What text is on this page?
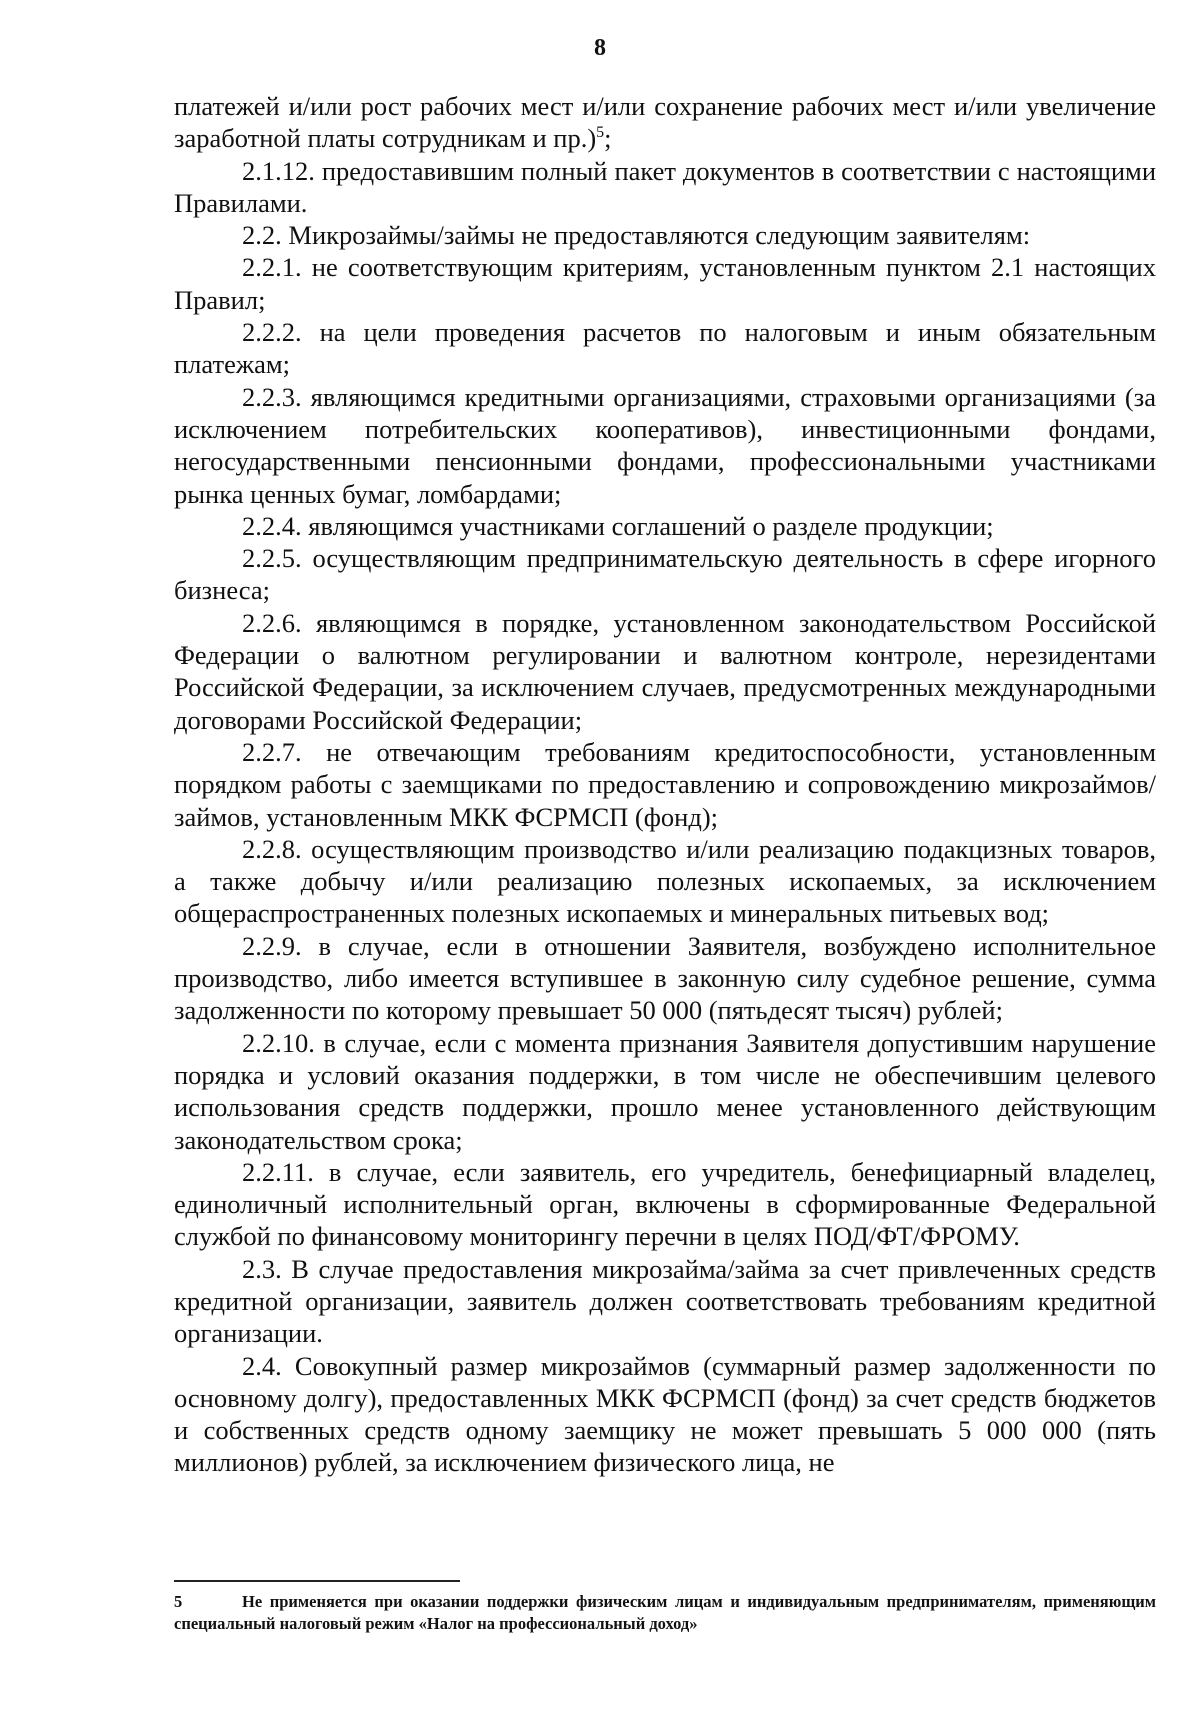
8

платежей и/или рост рабочих мест и/или сохранение рабочих мест и/или увеличение заработной платы сотрудникам и пр.)$^5$;

2.1.12. предоставившим полный пакет документов в соответствии с настоящими Правилами.

2.2. Микрозаймы/займы не предоставляются следующим заявителям:

2.2.1. не соответствующим критериям, установленным пунктом 2.1 настоящих Правил;

2.2.2. на цели проведения расчетов по налоговым и иным обязательным платежам;

2.2.3. являющимся кредитными организациями, страховыми организациями (за исключением потребительских кооперативов), инвестиционными фондами, негосударственными пенсионными фондами, профессиональными участниками рынка ценных бумаг, ломбардами;

2.2.4. являющимся участниками соглашений о разделе продукции;

2.2.5. осуществляющим предпринимательскую деятельность в сфере игорного бизнеса;

2.2.6. являющимся в порядке, установленном законодательством Российской Федерации о валютном регулировании и валютном контроле, нерезидентами Российской Федерации, за исключением случаев, предусмотренных международными договорами Российской Федерации;

2.2.7. не отвечающим требованиям кредитоспособности, установленным порядком работы с заемщиками по предоставлению и сопровождению микрозаймов/займов, установленным МКК ФСРМСП (фонд);

2.2.8. осуществляющим производство и/или реализацию подакцизных товаров, а также добычу и/или реализацию полезных ископаемых, за исключением общераспространенных полезных ископаемых и минеральных питьевых вод;

2.2.9. в случае, если в отношении Заявителя, возбуждено исполнительное производство, либо имеется вступившее в законную силу судебное решение, сумма задолженности по которому превышает 50 000 (пятьдесят тысяч) рублей;

2.2.10. в случае, если с момента признания Заявителя допустившим нарушение порядка и условий оказания поддержки, в том числе не обеспечившим целевого использования средств поддержки, прошло менее установленного действующим законодательством срока;

2.2.11. в случае, если заявитель, его учредитель, бенефициарный владелец, единоличный исполнительный орган, включены в сформированные Федеральной службой по финансовому мониторингу перечни в целях ПОД/ФТ/ФРОМУ.

2.3. В случае предоставления микрозайма/займа за счет привлеченных средств кредитной организации, заявитель должен соответствовать требованиям кредитной организации.

2.4. Совокупный размер микрозаймов (суммарный размер задолженности по основному долгу), предоставленных МКК ФСРМСП (фонд) за счет средств бюджетов и собственных средств одному заемщику не может превышать 5 000 000 (пять миллионов) рублей, за исключением физического лица, не

5	Не применяется при оказании поддержки физическим лицам и индивидуальным предпринимателям, применяющим специальный налоговый режим «Налог на профессиональный доход»
